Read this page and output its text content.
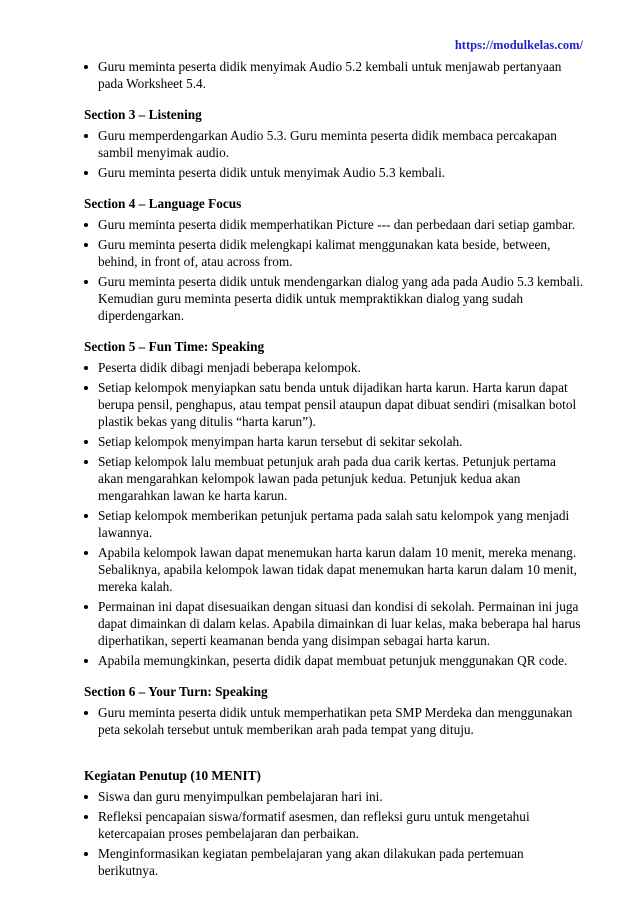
https://modulkelas.com/
Guru meminta peserta didik menyimak Audio 5.2 kembali untuk menjawab pertanyaan pada Worksheet 5.4.
Section 3 – Listening
Guru memperdengarkan Audio 5.3. Guru meminta peserta didik membaca percakapan sambil menyimak audio.
Guru meminta peserta didik untuk menyimak Audio 5.3 kembali.
Section 4 – Language Focus
Guru meminta peserta didik memperhatikan Picture --- dan perbedaan dari setiap gambar.
Guru meminta peserta didik melengkapi kalimat menggunakan kata beside, between, behind, in front of, atau across from.
Guru meminta peserta didik untuk mendengarkan dialog yang ada pada Audio 5.3 kembali. Kemudian guru meminta peserta didik untuk mempraktikkan dialog yang sudah diperdengarkan.
Section 5 – Fun Time: Speaking
Peserta didik dibagi menjadi beberapa kelompok.
Setiap kelompok menyiapkan satu benda untuk dijadikan harta karun. Harta karun dapat berupa pensil, penghapus, atau tempat pensil ataupun dapat dibuat sendiri (misalkan botol plastik bekas yang ditulis “harta karun”).
Setiap kelompok menyimpan harta karun tersebut di sekitar sekolah.
Setiap kelompok lalu membuat petunjuk arah pada dua carik kertas. Petunjuk pertama akan mengarahkan kelompok lawan pada petunjuk kedua. Petunjuk kedua akan mengarahkan lawan ke harta karun.
Setiap kelompok memberikan petunjuk pertama pada salah satu kelompok yang menjadi lawannya.
Apabila kelompok lawan dapat menemukan harta karun dalam 10 menit, mereka menang. Sebaliknya, apabila kelompok lawan tidak dapat menemukan harta karun dalam 10 menit, mereka kalah.
Permainan ini dapat disesuaikan dengan situasi dan kondisi di sekolah. Permainan ini juga dapat dimainkan di dalam kelas. Apabila dimainkan di luar kelas, maka beberapa hal harus diperhatikan, seperti keamanan benda yang disimpan sebagai harta karun.
Apabila memungkinkan, peserta didik dapat membuat petunjuk menggunakan QR code.
Section 6 – Your Turn: Speaking
Guru meminta peserta didik untuk memperhatikan peta SMP Merdeka dan menggunakan peta sekolah tersebut untuk memberikan arah pada tempat yang dituju.
Kegiatan Penutup (10 MENIT)
Siswa dan guru menyimpulkan pembelajaran hari ini.
Refleksi pencapaian siswa/formatif asesmen, dan refleksi guru untuk mengetahui ketercapaian proses pembelajaran dan perbaikan.
Menginformasikan kegiatan pembelajaran yang akan dilakukan pada pertemuan berikutnya.
